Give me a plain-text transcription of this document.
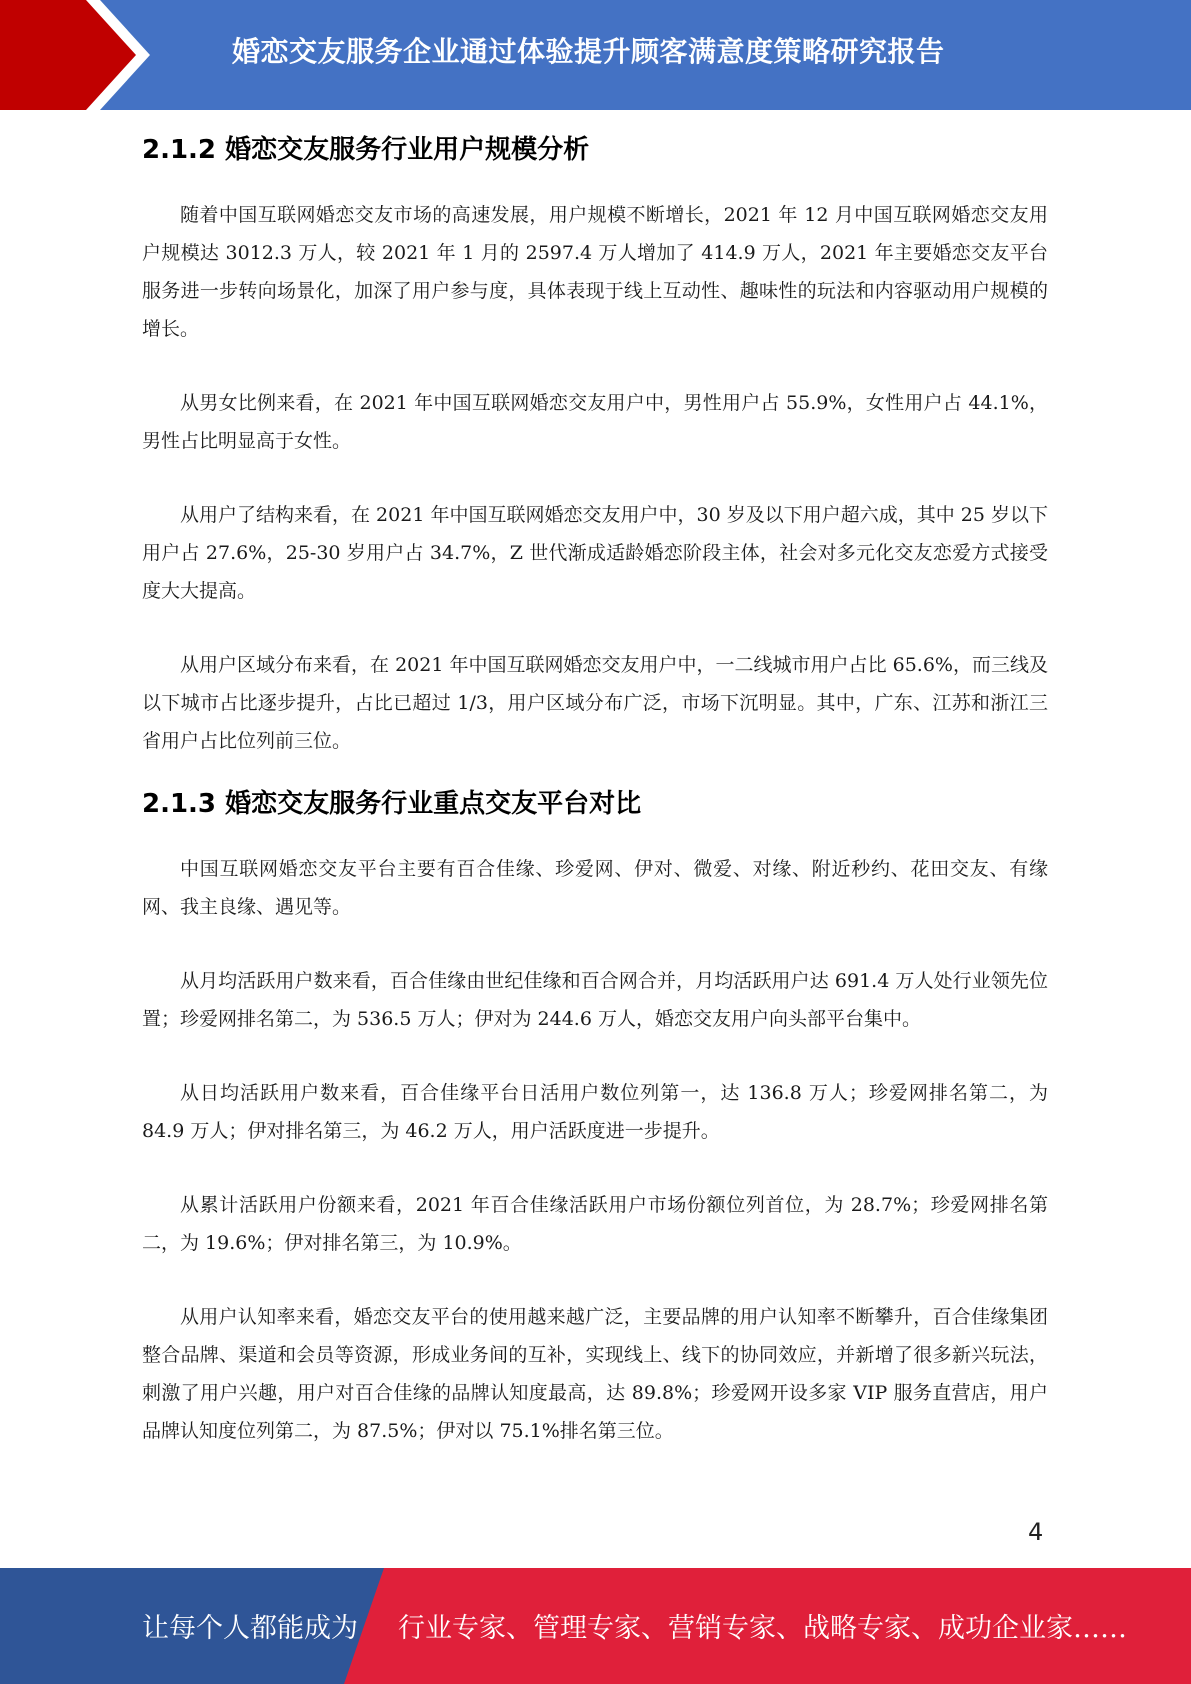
婚恋交友服务企业通过体验提升顾客满意度策略研究报告
2.1.2 婚恋交友服务行业用户规模分析

随着中国互联网婚恋交友市场的高速发展，用户规模不断增长，2021 年 12 月中国互联网婚恋交友用户规模达 3012.3 万人，较 2021 年 1 月的 2597.4 万人增加了 414.9 万人，2021 年主要婚恋交友平台服务进一步转向场景化，加深了用户参与度，具体表现于线上互动性、趣味性的玩法和内容驱动用户规模的增长。

从男女比例来看，在 2021 年中国互联网婚恋交友用户中，男性用户占 55.9%，女性用户占 44.1%，男性占比明显高于女性。

从用户了结构来看，在 2021 年中国互联网婚恋交友用户中，30 岁及以下用户超六成，其中 25 岁以下用户占 27.6%，25-30 岁用户占 34.7%，Z 世代渐成适龄婚恋阶段主体，社会对多元化交友恋爱方式接受度大大提高。

从用户区域分布来看，在 2021 年中国互联网婚恋交友用户中，一二线城市用户占比 65.6%，而三线及以下城市占比逐步提升，占比已超过 1/3，用户区域分布广泛，市场下沉明显。其中，广东、江苏和浙江三省用户占比位列前三位。

2.1.3 婚恋交友服务行业重点交友平台对比

中国互联网婚恋交友平台主要有百合佳缘、珍爱网、伊对、微爱、对缘、附近秒约、花田交友、有缘网、我主良缘、遇见等。

从月均活跃用户数来看，百合佳缘由世纪佳缘和百合网合并，月均活跃用户达 691.4 万人处行业领先位置；珍爱网排名第二，为 536.5 万人；伊对为 244.6 万人，婚恋交友用户向头部平台集中。

从日均活跃用户数来看，百合佳缘平台日活用户数位列第一，达 136.8 万人；珍爱网排名第二，为 84.9 万人；伊对排名第三，为 46.2 万人，用户活跃度进一步提升。

从累计活跃用户份额来看，2021 年百合佳缘活跃用户市场份额位列首位，为 28.7%；珍爱网排名第二，为 19.6%；伊对排名第三，为 10.9%。

从用户认知率来看，婚恋交友平台的使用越来越广泛，主要品牌的用户认知率不断攀升，百合佳缘集团整合品牌、渠道和会员等资源，形成业务间的互补，实现线上、线下的协同效应，并新增了很多新兴玩法，刺激了用户兴趣，用户对百合佳缘的品牌认知度最高，达 89.8%；珍爱网开设多家 VIP 服务直营店，用户品牌认知度位列第二，为 87.5%；伊对以 75.1%排名第三位。

4
让每个人都能成为 行业专家、管理专家、营销专家、战略专家、成功企业家……
